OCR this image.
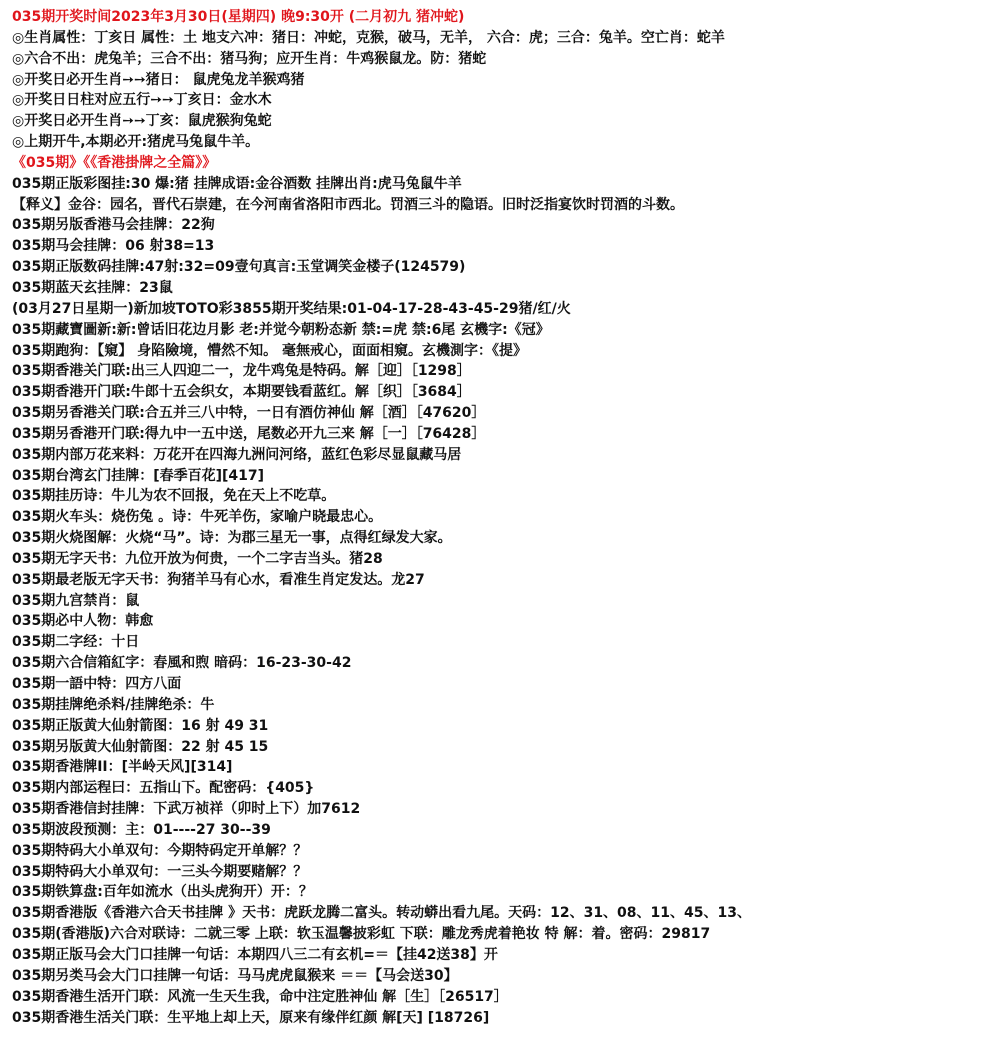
035期开奖时间2023年3月30日(星期四) 晚9:30开 (二月初九 猪冲蛇)
◎生肖属性：丁亥日 属性：土 地支六冲：猪日：冲蛇，克猴，破马，无羊， 六合：虎；三合：兔羊。空亡肖：蛇羊
◎六合不出：虎兔羊；三合不出：猪马狗；应开生肖：牛鸡猴鼠龙。防：猪蛇
◎开奖日必开生肖➙➙猪日： 鼠虎兔龙羊猴鸡猪
◎开奖日日柱对应五行➙➙丁亥日：金水木
◎开奖日必开生肖➙➙丁亥：鼠虎猴狗兔蛇
◎上期开牛,本期必开:猪虎马兔鼠牛羊。
《035期》《《香港掛牌之全篇》》
035期正版彩图挂:30 爆:猪 挂牌成语:金谷酒数 挂牌出肖:虎马兔鼠牛羊
【释义】金谷：园名，晋代石崇建，在今河南省洛阳市西北。罚酒三斗的隐语。旧时泛指宴饮时罚酒的斗数。
035期另版香港马会挂牌：22狗
035期马会挂牌：06 射38=13
035期正版数码挂牌:47射:32=09壹句真言:玉堂调笑金楼子(124579)
035期蓝天玄挂牌：23鼠
(03月27日星期一)新加坡TOTO彩3855期开奖结果:01-04-17-28-43-45-29猪/红/火
035期藏寶圖新:新:曾话旧花边月影 老:并觉今朝粉态新 禁:=虎 禁:6尾 玄機字:《冠》
035期跑狗：【窺】 身陷險境，懵然不知。 毫無戒心，面面相窺。玄機測字：《提》
035期香港关门联:出三人四迎二一，龙牛鸡兔是特码。解［迎］［1298］
035期香港开门联:牛郎十五会织女，本期要钱看蓝红。解［织］［3684］
035期另香港关门联:合五并三八中特，一日有酒仿神仙 解［酒］［47620］
035期另香港开门联:得九中一五中送，尾数必开九三来 解［一］［76428］
035期内部万花来料：万花开在四海九洲问河络，蓝红色彩尽显鼠藏马居
035期台湾玄门挂牌：[春季百花][417]
035期挂历诗：牛儿为农不回报，免在天上不吃草。
035期火车头：烧伤兔 。诗：牛死羊伤，家喻户晓最忠心。
035期火烧图解：火烧“马”。诗：为郡三星无一事，点得红绿发大家。
035期无字天书：九位开放为何贵，一个二字吉当头。猪28
035期最老版无字天书：狗猪羊马有心水，看准生肖定发达。龙27
035期九宫禁肖：鼠
035期必中人物：韩愈
035期二字经：十日
035期六合信箱紅字：春風和煦 暗码：16-23-30-42
035期一語中特：四方八面
035期挂牌绝杀料/挂牌绝杀：牛
035期正版黄大仙射箭图：16 射 49 31
035期另版黄大仙射箭图：22 射 45 15
035期香港牌II：[半岭天风][314]
035期内部运程曰：五指山下。配密码：{405}
035期香港信封挂牌：下武万祯祥（卯时上下）加7612
035期波段预测：主：01----27 30--39
035期特码大小单双句：今期特码定开单解？？
035期特码大小单双句：一三头今期要赌解？？
035期铁算盘:百年如流水（出头虎狗开）开：？
035期香港版《香港六合天书挂牌 》天书：虎跃龙腾二富头。转动蟒出看九尾。天码：12、31、08、11、45、13、
035期(香港版)六合对联诗：二就三零 上联：软玉温馨披彩虹 下联：雕龙秀虎着艳妆 特 解：着。密码：29817
035期正版马会大门口挂牌一句话：本期四八三二有玄机=＝【挂42送38】开
035期另类马会大门口挂牌一句话：马马虎虎鼠猴来 ＝＝【马会送30】
035期香港生活开门联：风流一生天生我，命中注定胜神仙 解［生］［26517］
035期香港生活关门联：生平地上却上天，原来有缘伴红颜 解[天] [18726]
